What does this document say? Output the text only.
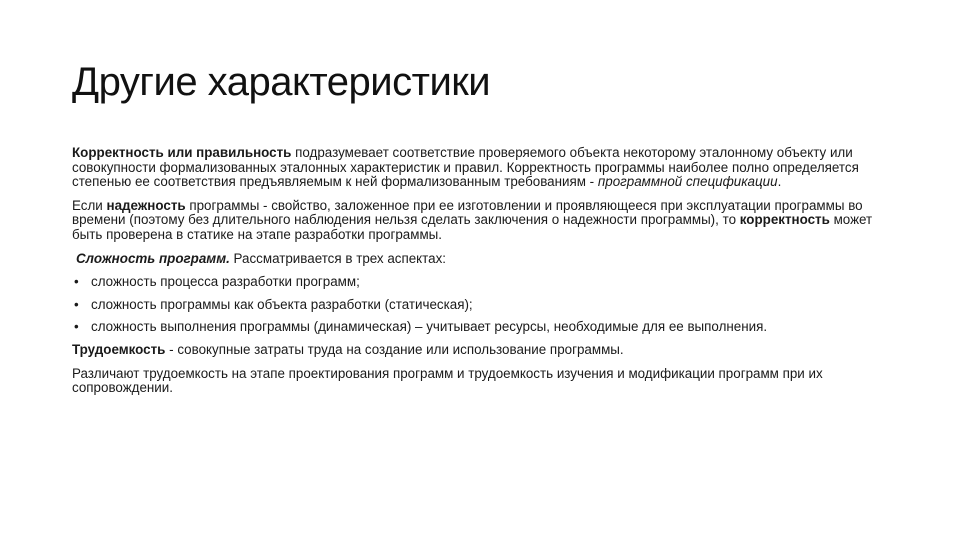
Другие характеристики

Корректность или правильность подразумевает соответствие проверяемого объекта некоторому эталонному объекту или совокупности формализованных эталонных характеристик и правил. Корректность программы наиболее полно определяется степенью ее соответствия предъявляемым к ней формализованным требованиям - программной спецификации.

Если надежность программы - свойство, заложенное при ее изготовлении и проявляющееся при эксплуатации программы во времени (поэтому без длительного наблюдения нельзя сделать заключения о надежности программы), то корректность может быть проверена в статике на этапе разработки программы.

Сложность программ. Рассматривается в трех аспектах:

• сложность процесса разработки программ;
• сложность программы как объекта разработки (статическая);
• сложность выполнения программы (динамическая) – учитывает ресурсы, необходимые для ее выполнения.

Трудоемкость - совокупные затраты труда на создание или использование программы.

Различают трудоемкость на этапе проектирования программ и трудоемкость изучения и модификации программ при их сопровождении.
